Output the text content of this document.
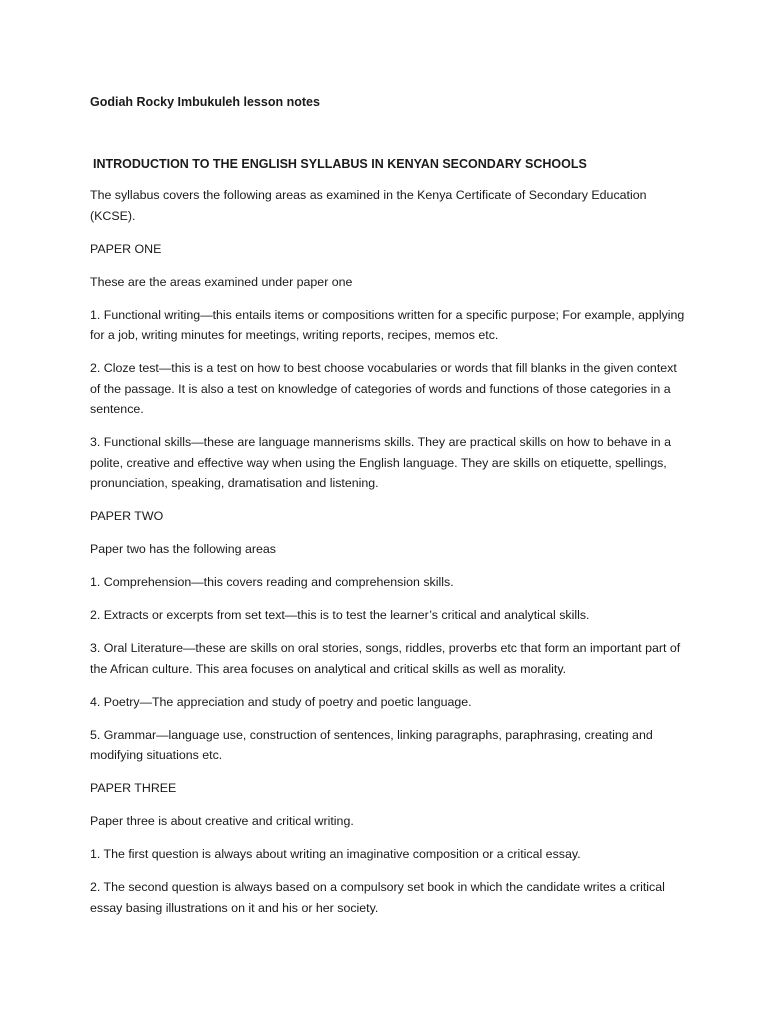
Godiah Rocky Imbukuleh lesson notes

INTRODUCTION TO THE ENGLISH SYLLABUS IN KENYAN SECONDARY SCHOOLS

The syllabus covers the following areas as examined in the Kenya Certificate of Secondary Education (KCSE).

PAPER ONE

These are the areas examined under paper one

1. Functional writing—this entails items or compositions written for a specific purpose; For example, applying for a job, writing minutes for meetings, writing reports, recipes, memos etc.

2. Cloze test—this is a test on how to best choose vocabularies or words that fill blanks in the given context of the passage. It is also a test on knowledge of categories of words and functions of those categories in a sentence.

3. Functional skills—these are language mannerisms skills. They are practical skills on how to behave in a polite, creative and effective way when using the English language. They are skills on etiquette, spellings, pronunciation, speaking, dramatisation and listening.

PAPER TWO

Paper two has the following areas

1. Comprehension—this covers reading and comprehension skills.

2. Extracts or excerpts from set text—this is to test the learner’s critical and analytical skills.

3. Oral Literature—these are skills on oral stories, songs, riddles, proverbs etc that form an important part of the African culture. This area focuses on analytical and critical skills as well as morality.

4. Poetry—The appreciation and study of poetry and poetic language.

5. Grammar—language use, construction of sentences, linking paragraphs, paraphrasing, creating and modifying situations etc.

PAPER THREE

Paper three is about creative and critical writing.

1. The first question is always about writing an imaginative composition or a critical essay.

2. The second question is always based on a compulsory set book in which the candidate writes a critical essay basing illustrations on it and his or her society.
